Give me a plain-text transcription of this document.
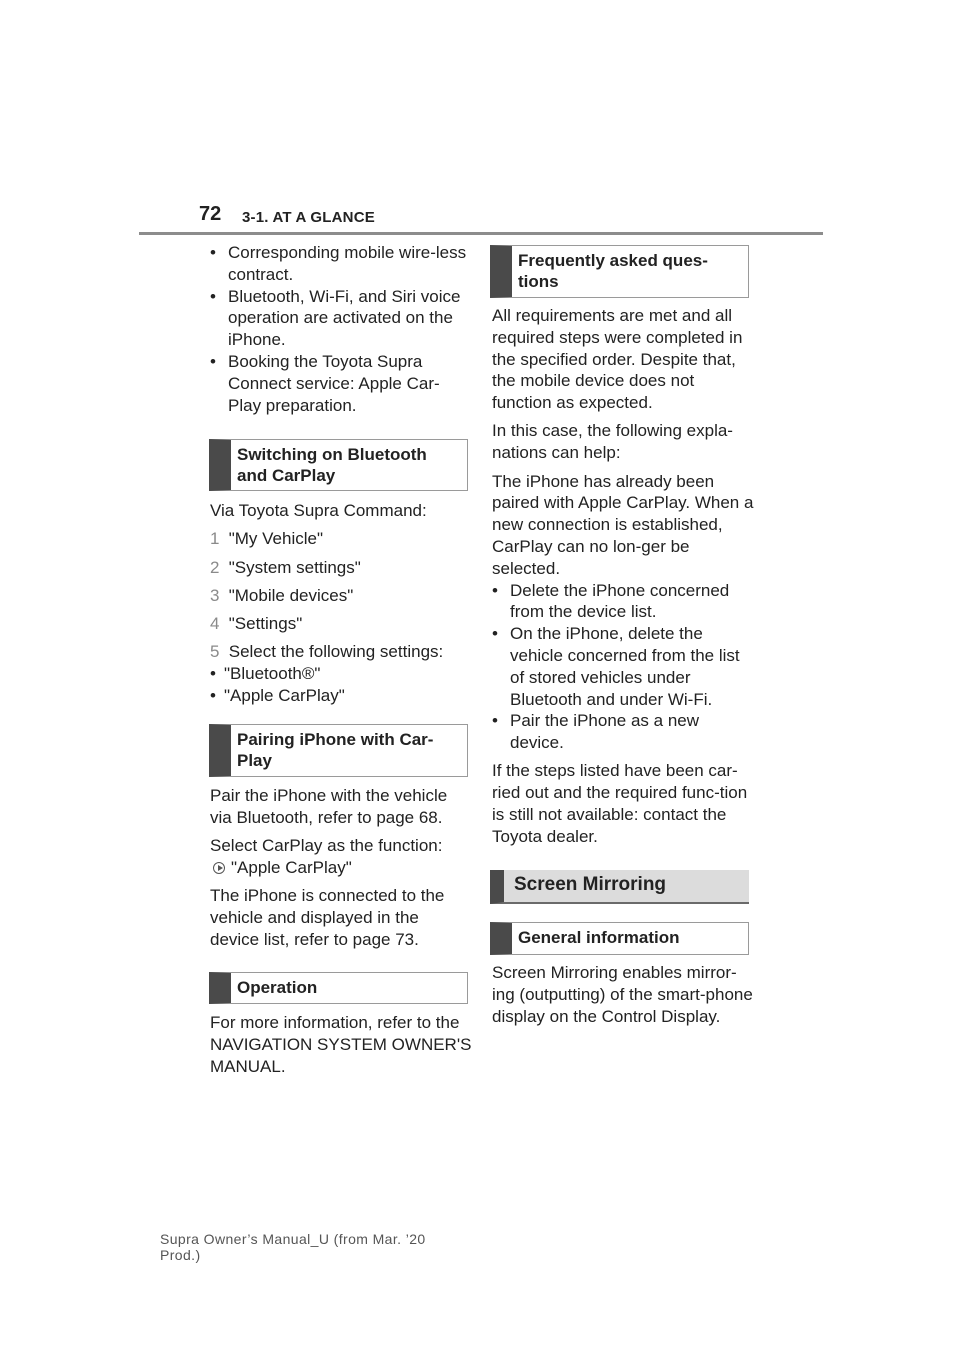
72 3-1. AT A GLANCE
• Corresponding mobile wire-less contract.
• Bluetooth, Wi-Fi, and Siri voice operation are activated on the iPhone.
• Booking the Toyota Supra Connect service: Apple Car-Play preparation.
Switching on Bluetooth
and CarPlay

Via Toyota Supra Command:

1 "My Vehicle"

2 "System settings"

3 "Mobile devices"

4 "Settings"

5 Select the following settings:

• "Bluetooth®"
• "Apple CarPlay"
Pairing iPhone with Car-
Play

Pair the iPhone with the vehicle via Bluetooth, refer to page 68.

Select CarPlay as the function:

"Apple CarPlay"

The iPhone is connected to the vehicle and displayed in the device list, refer to page 73.

Operation

For more information, refer to the NAVIGATION SYSTEM OWNER'S MANUAL.

Frequently asked ques-
tions

All requirements are met and all required steps were completed in the specified order. Despite that, the mobile device does not function as expected.

In this case, the following expla-nations can help:

The iPhone has already been paired with Apple CarPlay. When a new connection is established, CarPlay can no lon-ger be selected.

• Delete the iPhone concerned from the device list.
• On the iPhone, delete the vehicle concerned from the list of stored vehicles under Bluetooth and under Wi-Fi.
• Pair the iPhone as a new device.

If the steps listed have been car-ried out and the required func-tion is still not available: contact the Toyota dealer.

Screen Mirroring
General information

Screen Mirroring enables mirror-ing (outputting) of the smart-phone display on the Control Display.

Supra Owner’s Manual_U (from Mar. ’20
Prod.)
